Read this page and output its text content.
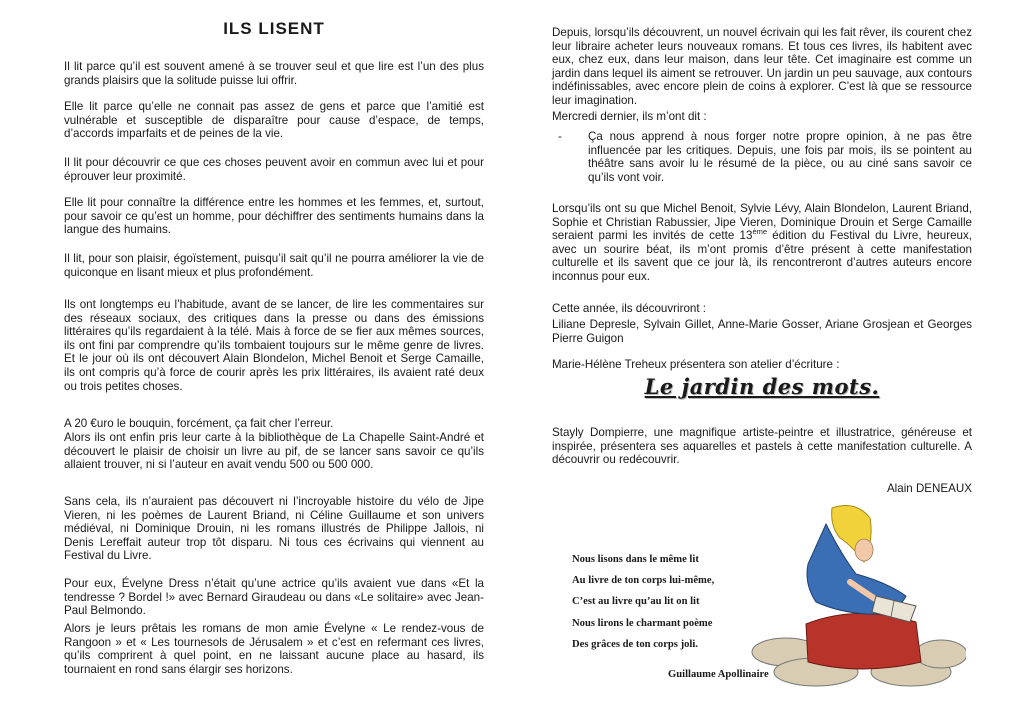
ILS LISENT

Il lit parce qu’il est souvent amené à se trouver seul et que lire est l’un des plus grands plaisirs que la solitude puisse lui offrir.

Elle lit parce qu’elle ne connait pas assez de gens et parce que l’amitié est vulnérable et susceptible de disparaître pour cause d’espace, de temps, d’accords imparfaits et de peines de la vie.

Il lit pour découvrir ce que ces choses peuvent avoir en commun avec lui et pour éprouver leur proximité.

Elle lit pour connaître la différence entre les hommes et les femmes, et, surtout, pour savoir ce qu’est un homme, pour déchiffrer des sentiments humains dans la langue des humains.

Il lit, pour son plaisir, égoïstement, puisqu’il sait qu’il ne pourra améliorer la vie de quiconque en lisant mieux et plus profondément.

Ils ont longtemps eu l’habitude, avant de se lancer, de lire les commentaires sur des réseaux sociaux, des critiques dans la presse ou dans des émissions littéraires qu’ils regardaient à la télé. Mais à force de se fier aux mêmes sources, ils ont fini par comprendre qu’ils tombaient toujours sur le même genre de livres. Et le jour où ils ont découvert Alain Blondelon, Michel Benoit et Serge Camaille, ils ont compris qu’à force de courir après les prix littéraires, ils avaient raté deux ou trois petites choses.

A 20 €uro le bouquin, forcément, ça fait cher l’erreur.

Alors ils ont enfin pris leur carte à la bibliothèque de La Chapelle Saint-André et découvert le plaisir de choisir un livre au pif, de se lancer sans savoir ce qu’ils allaient trouver, ni si l’auteur en avait vendu 500 ou 500 000.

Sans cela, ils n’auraient pas découvert ni l’incroyable histoire du vélo de Jipe Vieren, ni les poèmes de Laurent Briand, ni Céline Guillaume et son univers médiéval, ni Dominique Drouin, ni les romans illustrés de Philippe Jallois, ni Denis Lereffait auteur trop tôt disparu. Ni tous ces écrivains qui viennent au Festival du Livre.

Pour eux, Évelyne Dress n’était qu’une actrice qu’ils avaient vue dans «Et la tendresse ? Bordel !» avec Bernard Giraudeau ou dans «Le solitaire» avec Jean-Paul Belmondo.

Alors je leurs prêtais les romans de mon amie Évelyne « Le rendez-vous de Rangoon » et « Les tournesols de Jérusalem » et c’est en refermant ces livres, qu’ils comprirent à quel point, en ne laissant aucune place au hasard, ils tournaient en rond sans élargir ses horizons.

Depuis, lorsqu’ils découvrent, un nouvel écrivain qui les fait rêver, ils courent chez leur libraire acheter leurs nouveaux romans. Et tous ces livres, ils habitent avec eux, chez eux, dans leur maison, dans leur tête. Cet imaginaire est comme un jardin dans lequel ils aiment se retrouver. Un jardin un peu sauvage, aux contours indéfinissables, avec encore plein de coins à explorer. C’est là que se ressource leur imagination.

Mercredi dernier, ils m’ont dit :

-	Ça nous apprend à nous forger notre propre opinion, à ne pas être influencée par les critiques. Depuis, une fois par mois, ils se pointent au théâtre sans avoir lu le résumé de la pièce, ou au ciné sans savoir ce qu’ils vont voir.

Lorsqu’ils ont su que Michel Benoit, Sylvie Lévy, Alain Blondelon, Laurent Briand, Sophie et Christian Rabussier, Jipe Vieren, Dominique Drouin et Serge Camaille seraient parmi les invités de cette 13ème édition du Festival du Livre, heureux, avec un sourire béat, ils m’ont promis d’être présent à cette manifestation culturelle et ils savent que ce jour là, ils rencontreront d’autres auteurs encore inconnus pour eux.

Cette année, ils découvriront :

Liliane Depresle, Sylvain Gillet, Anne-Marie Gosser, Ariane Grosjean et Georges Pierre Guigon

Marie-Hélène Treheux présentera son atelier d’écriture :

Le jardin des mots.

Stayly Dompierre, une magnifique artiste-peintre et illustratrice, généreuse et inspirée, présentera ses aquarelles et pastels à cette manifestation culturelle. A découvrir ou redécouvrir.

Alain DENEAUX

Nous lisons dans le même lit
Au livre de ton corps lui-même,
C’est au livre qu’au lit on lit
Nous lirons le charmant poème
Des grâces de ton corps joli.
Guillaume Apollinaire
